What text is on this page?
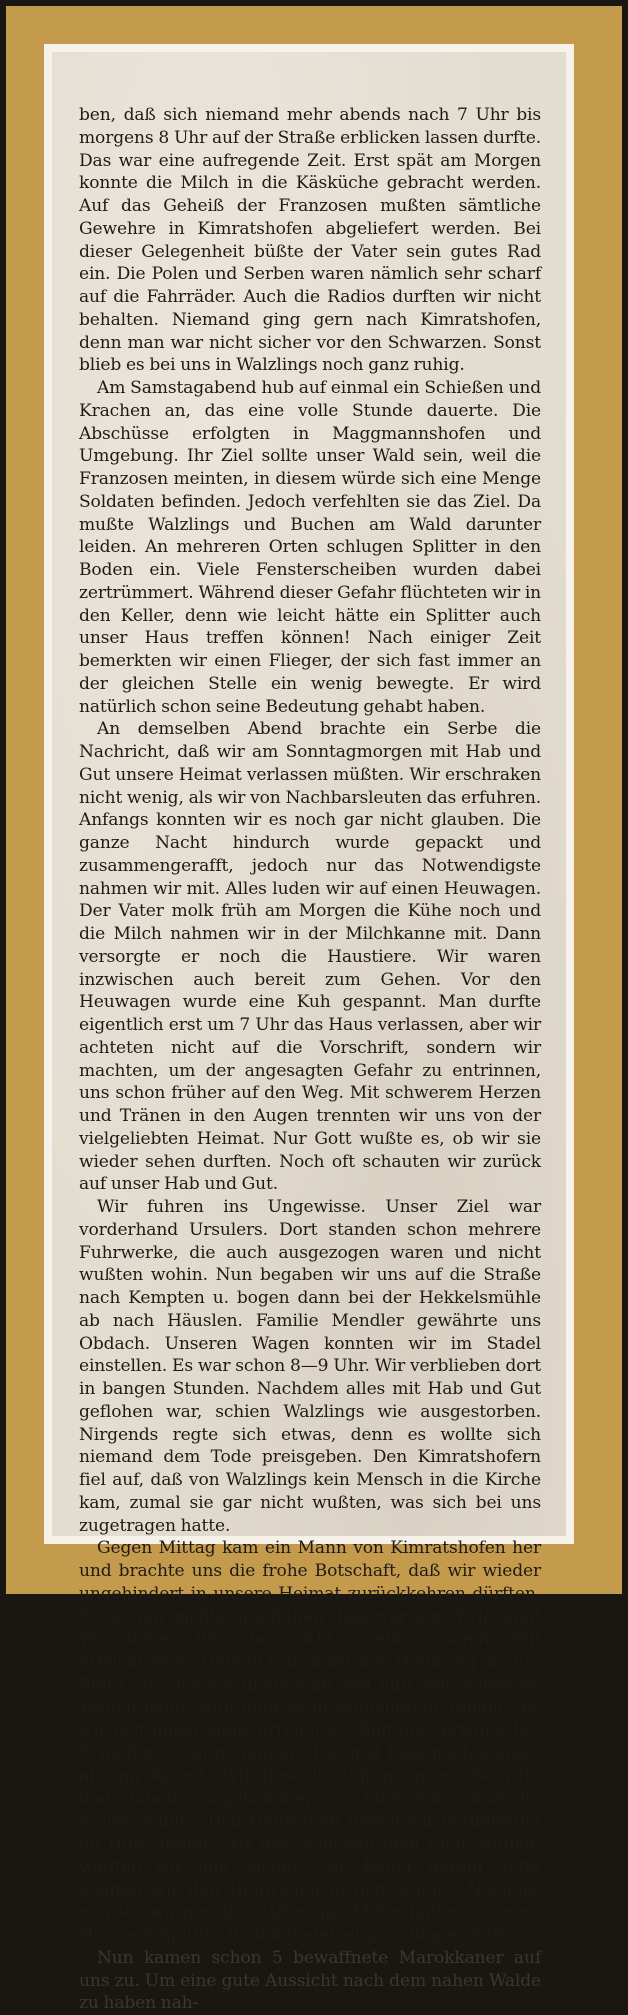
ben, daß sich niemand mehr abends nach 7 Uhr bis morgens 8 Uhr auf der Straße erblicken lassen durfte. Das war eine aufregende Zeit. Erst spät am Morgen konnte die Milch in die Käsküche gebracht werden. Auf das Geheiß der Franzosen mußten sämtliche Gewehre in Kimratshofen abgeliefert werden. Bei dieser Gelegenheit büßte der Vater sein gutes Rad ein. Die Polen und Serben waren nämlich sehr scharf auf die Fahrräder. Auch die Radios durften wir nicht behalten. Niemand ging gern nach Kimratshofen, denn man war nicht sicher vor den Schwarzen. Sonst blieb es bei uns in Walzlings noch ganz ruhig.

Am Samstagabend hub auf einmal ein Schießen und Krachen an, das eine volle Stunde dauerte. Die Abschüsse erfolgten in Maggmannshofen und Umgebung. Ihr Ziel sollte unser Wald sein, weil die Franzosen meinten, in diesem würde sich eine Menge Soldaten befinden. Jedoch verfehlten sie das Ziel. Da mußte Walzlings und Buchen am Wald darunter leiden. An mehreren Orten schlugen Splitter in den Boden ein. Viele Fensterscheiben wurden dabei zertrümmert. Während dieser Gefahr flüchteten wir in den Keller, denn wie leicht hätte ein Splitter auch unser Haus treffen können! Nach einiger Zeit bemerkten wir einen Flieger, der sich fast immer an der gleichen Stelle ein wenig bewegte. Er wird natürlich schon seine Bedeutung gehabt haben.

An demselben Abend brachte ein Serbe die Nachricht, daß wir am Sonntagmorgen mit Hab und Gut unsere Heimat verlassen müßten. Wir erschraken nicht wenig, als wir von Nachbarsleuten das erfuhren. Anfangs konnten wir es noch gar nicht glauben. Die ganze Nacht hindurch wurde gepackt und zusammengerafft, jedoch nur das Notwendigste nahmen wir mit. Alles luden wir auf einen Heuwagen. Der Vater molk früh am Morgen die Kühe noch und die Milch nahmen wir in der Milchkanne mit. Dann versorgte er noch die Haustiere. Wir waren inzwischen auch bereit zum Gehen. Vor den Heuwagen wurde eine Kuh gespannt. Man durfte eigentlich erst um 7 Uhr das Haus verlassen, aber wir achteten nicht auf die Vorschrift, sondern wir machten, um der angesagten Gefahr zu entrinnen, uns schon früher auf den Weg. Mit schwerem Herzen und Tränen in den Augen trennten wir uns von der vielgeliebten Heimat. Nur Gott wußte es, ob wir sie wieder sehen durften. Noch oft schauten wir zurück auf unser Hab und Gut.

Wir fuhren ins Ungewisse. Unser Ziel war vorderhand Ursulers. Dort standen schon mehrere Fuhrwerke, die auch ausgezogen waren und nicht wußten wohin. Nun begaben wir uns auf die Straße nach Kempten u. bogen dann bei der Hekkelsmühle ab nach Häuslen. Familie Mendler gewährte uns Obdach. Unseren Wagen konnten wir im Stadel einstellen. Es war schon 8—9 Uhr. Wir verblieben dort in bangen Stunden. Nachdem alles mit Hab und Gut geflohen war, schien Walzlings wie ausgestorben. Nirgends regte sich etwas, denn es wollte sich niemand dem Tode preisgeben. Den Kimratshofern fiel auf, daß von Walzlings kein Mensch in die Kirche kam, zumal sie gar nicht wußten, was sich bei uns zugetragen hatte.

Gegen Mittag kam ein Mann von Kimratshofen her und brachte uns die frohe Botschaft, daß wir wieder ungehindert in unsere Heimat zurückkehren dürften. Es sei gar nichts geschehen. Das war eine Erlösung! Wir ließen uns das nicht zweimal sagen. Mit erleichtertem Herzen traten wir den Heimweg an. Ein Pferd aus der Nachbarschaft zog nun den schweren Wagen heim. Nun ging es in schnellerem Tempo. Als wir fast unser Haus erreichten, fing die verwünschte Schießerei von neuem an. Diesmal bald noch stärker als am Abend. Wir beschleunigten unsere Schritte und daheim angekommen, suchten wir sofort im Keller Schutz. Den Heuwagen ließen wir vorderhand im Hofe stehen. Als das Schießen dem Ende zuging, wagten wir uns wieder vom Keller herauf. Jetzt stellten wir den Heuwagen in den Schopf. Nachher wurden wir gewahr, daß einige Meter hinter unserem Haus ein Splitter in den Boden eingeschlagen hatte.

Nun kamen schon 5 bewaffnete Marokkaner auf uns zu. Um eine gute Aussicht nach dem nahen Walde zu haben nah-
